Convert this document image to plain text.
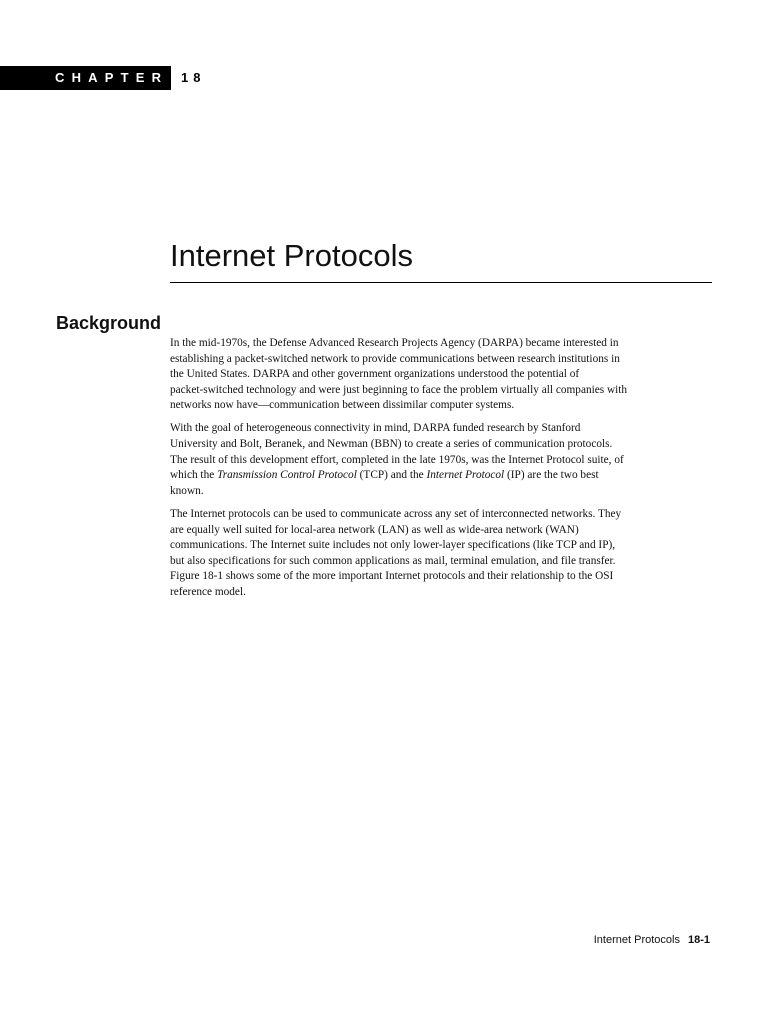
CHAPTER 18
Internet Protocols
Background

In the mid-1970s, the Defense Advanced Research Projects Agency (DARPA) became interested in
establishing a packet-switched network to provide communications between research institutions in
the United States. DARPA and other government organizations understood the potential of
packet-switched technology and were just beginning to face the problem virtually all companies with
networks now have—communication between dissimilar computer systems.

With the goal of heterogeneous connectivity in mind, DARPA funded research by Stanford
University and Bolt, Beranek, and Newman (BBN) to create a series of communication protocols.
The result of this development effort, completed in the late 1970s, was the Internet Protocol suite, of
which the Transmission Control Protocol (TCP) and the Internet Protocol (IP) are the two best
known.

The Internet protocols can be used to communicate across any set of interconnected networks. They
are equally well suited for local-area network (LAN) as well as wide-area network (WAN)
communications. The Internet suite includes not only lower-layer specifications (like TCP and IP),
but also specifications for such common applications as mail, terminal emulation, and file transfer.
Figure 18-1 shows some of the more important Internet protocols and their relationship to the OSI
reference model.

Internet Protocols 18-1
